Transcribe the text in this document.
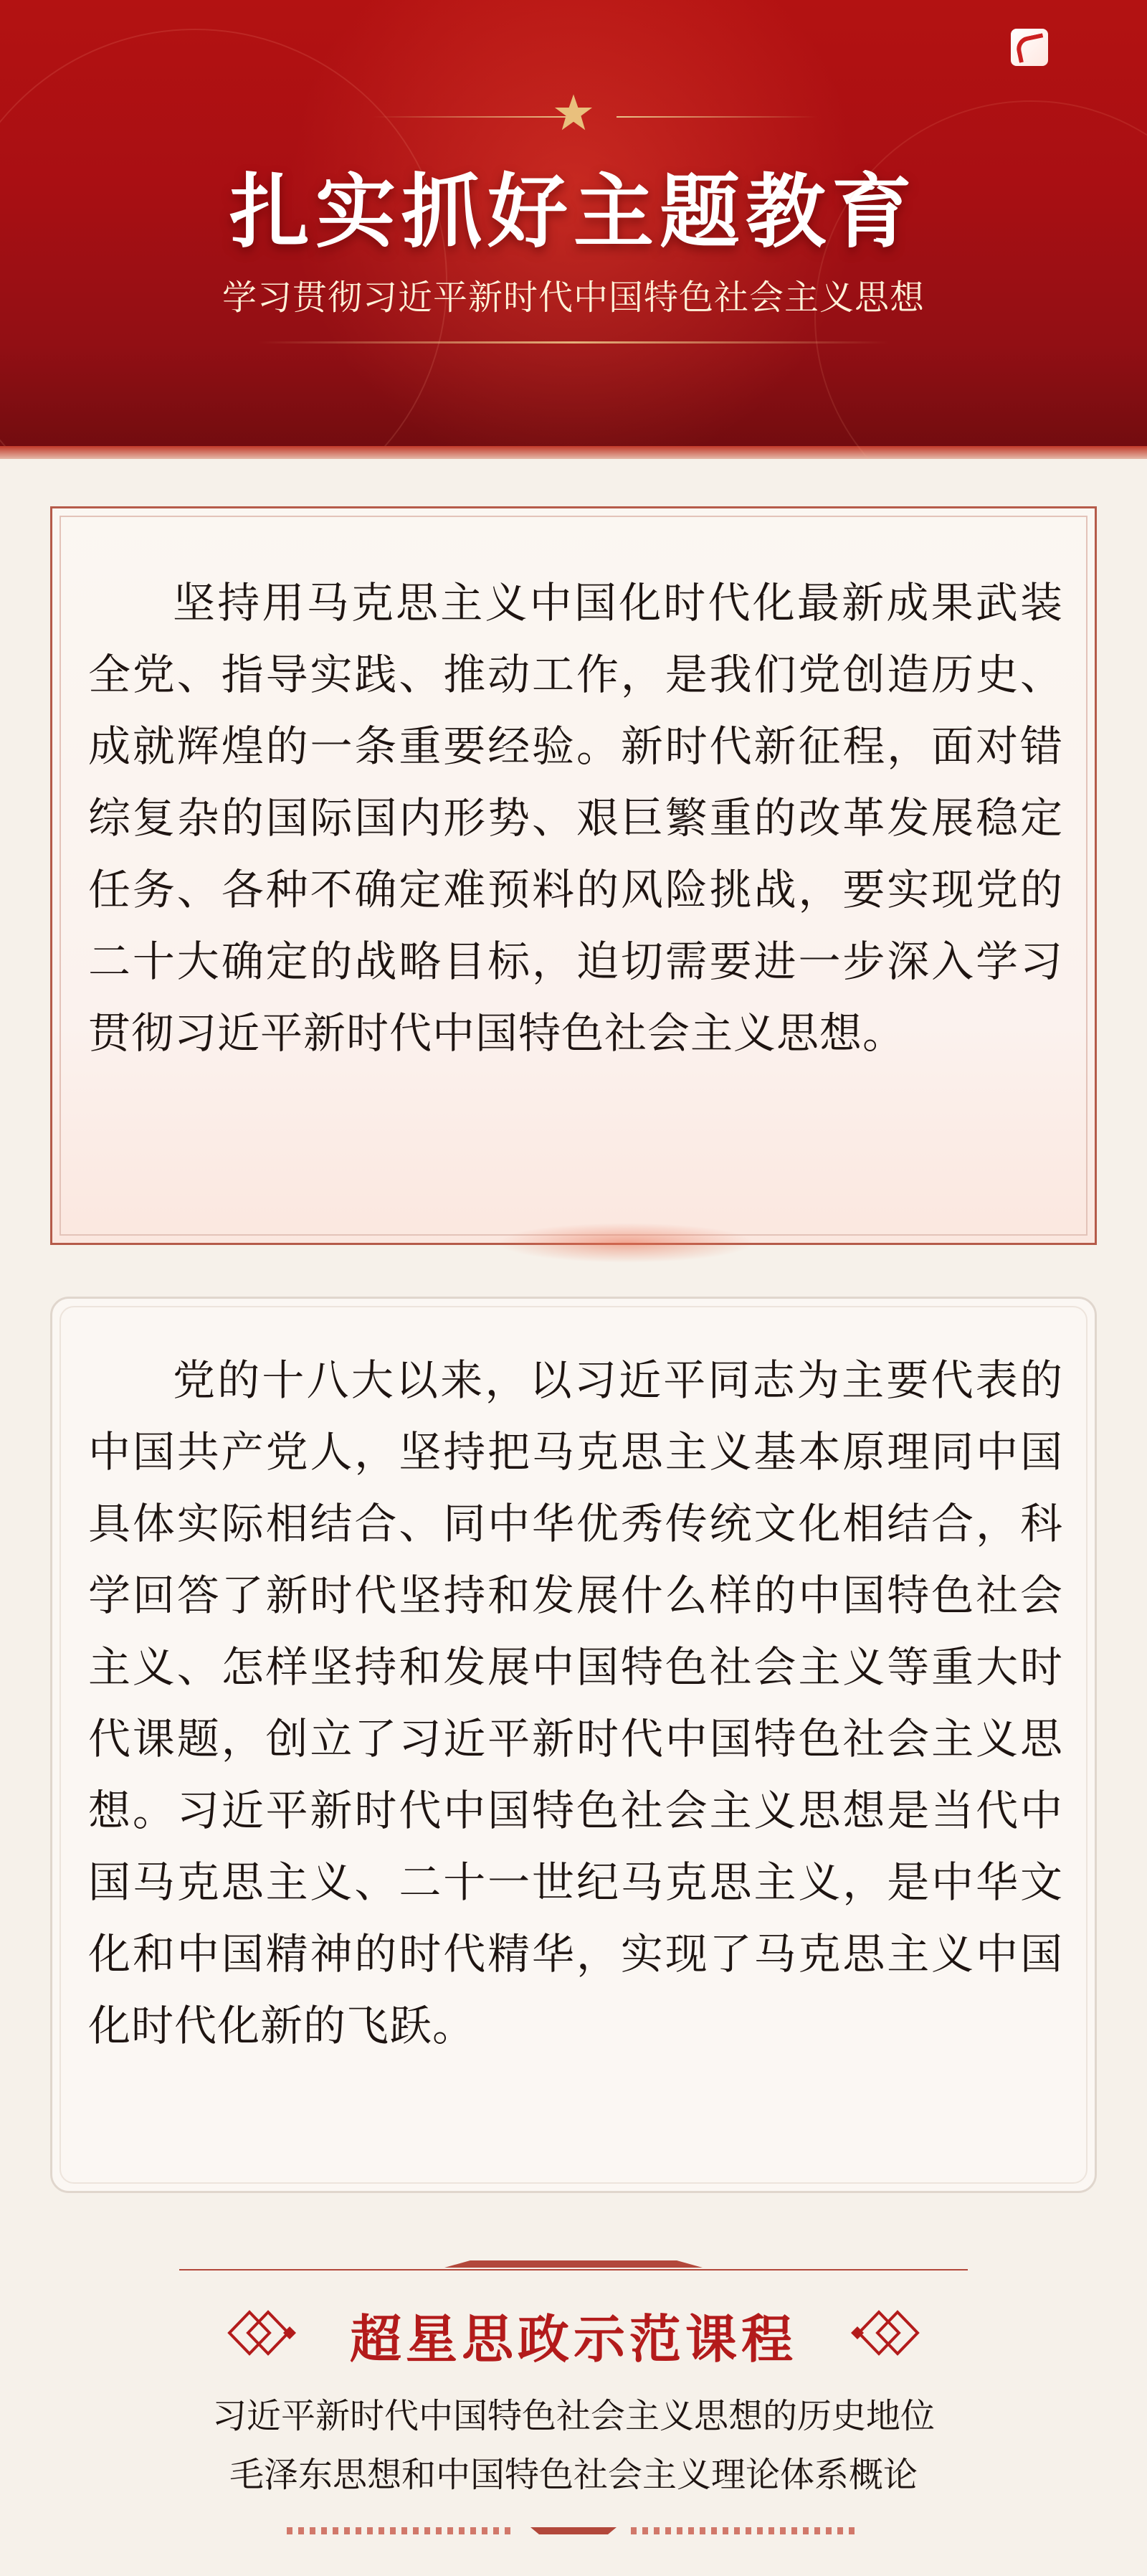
扎实抓好主题教育
学习贯彻习近平新时代中国特色社会主义思想

坚持用马克思主义中国化时代化最新成果武装全党、指导实践、推动工作，是我们党创造历史、成就辉煌的一条重要经验。新时代新征程，面对错综复杂的国际国内形势、艰巨繁重的改革发展稳定任务、各种不确定难预料的风险挑战，要实现党的二十大确定的战略目标，迫切需要进一步深入学习贯彻习近平新时代中国特色社会主义思想。

党的十八大以来，以习近平同志为主要代表的中国共产党人，坚持把马克思主义基本原理同中国具体实际相结合、同中华优秀传统文化相结合，科学回答了新时代坚持和发展什么样的中国特色社会主义、怎样坚持和发展中国特色社会主义等重大时代课题，创立了习近平新时代中国特色社会主义思想。习近平新时代中国特色社会主义思想是当代中国马克思主义、二十一世纪马克思主义，是中华文化和中国精神的时代精华，实现了马克思主义中国化时代化新的飞跃。

超星思政示范课程
习近平新时代中国特色社会主义思想的历史地位
毛泽东思想和中国特色社会主义理论体系概论
